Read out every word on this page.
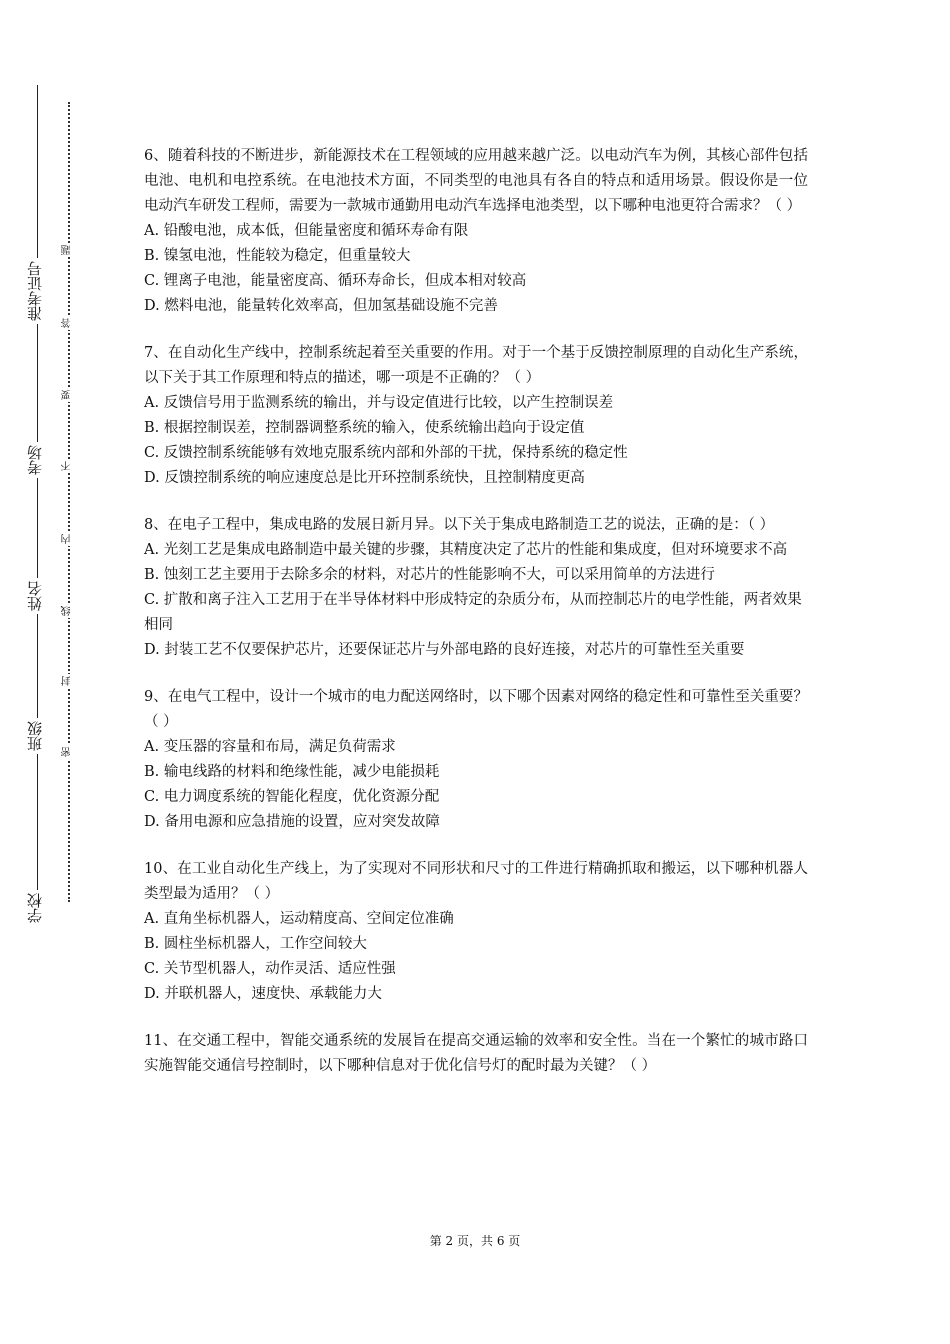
准考证号
考场
姓名
班级
学校
题
答
要
不
内
线
封
密

6、随着科技的不断进步，新能源技术在工程领域的应用越来越广泛。以电动汽车为例，其核心部件包括电池、电机和电控系统。在电池技术方面，不同类型的电池具有各自的特点和适用场景。假设你是一位电动汽车研发工程师，需要为一款城市通勤用电动汽车选择电池类型，以下哪种电池更符合需求？（ ）

A. 铅酸电池，成本低，但能量密度和循环寿命有限

B. 镍氢电池，性能较为稳定，但重量较大

C. 锂离子电池，能量密度高、循环寿命长，但成本相对较高

D. 燃料电池，能量转化效率高，但加氢基础设施不完善

7、在自动化生产线中，控制系统起着至关重要的作用。对于一个基于反馈控制原理的自动化生产系统，以下关于其工作原理和特点的描述，哪一项是不正确的？（ ）

A. 反馈信号用于监测系统的输出，并与设定值进行比较，以产生控制误差

B. 根据控制误差，控制器调整系统的输入，使系统输出趋向于设定值

C. 反馈控制系统能够有效地克服系统内部和外部的干扰，保持系统的稳定性

D. 反馈控制系统的响应速度总是比开环控制系统快，且控制精度更高

8、在电子工程中，集成电路的发展日新月异。以下关于集成电路制造工艺的说法，正确的是：（ ）

A. 光刻工艺是集成电路制造中最关键的步骤，其精度决定了芯片的性能和集成度，但对环境要求不高

B. 蚀刻工艺主要用于去除多余的材料，对芯片的性能影响不大，可以采用简单的方法进行

C. 扩散和离子注入工艺用于在半导体材料中形成特定的杂质分布，从而控制芯片的电学性能，两者效果相同

D. 封装工艺不仅要保护芯片，还要保证芯片与外部电路的良好连接，对芯片的可靠性至关重要

9、在电气工程中，设计一个城市的电力配送网络时，以下哪个因素对网络的稳定性和可靠性至关重要？（ ）

A. 变压器的容量和布局，满足负荷需求

B. 输电线路的材料和绝缘性能，减少电能损耗

C. 电力调度系统的智能化程度，优化资源分配

D. 备用电源和应急措施的设置，应对突发故障

10、在工业自动化生产线上，为了实现对不同形状和尺寸的工件进行精确抓取和搬运，以下哪种机器人类型最为适用？（ ）

A. 直角坐标机器人，运动精度高、空间定位准确

B. 圆柱坐标机器人，工作空间较大

C. 关节型机器人，动作灵活、适应性强

D. 并联机器人，速度快、承载能力大

11、在交通工程中，智能交通系统的发展旨在提高交通运输的效率和安全性。当在一个繁忙的城市路口实施智能交通信号控制时，以下哪种信息对于优化信号灯的配时最为关键？（ ）

第 2 页，共 6 页
